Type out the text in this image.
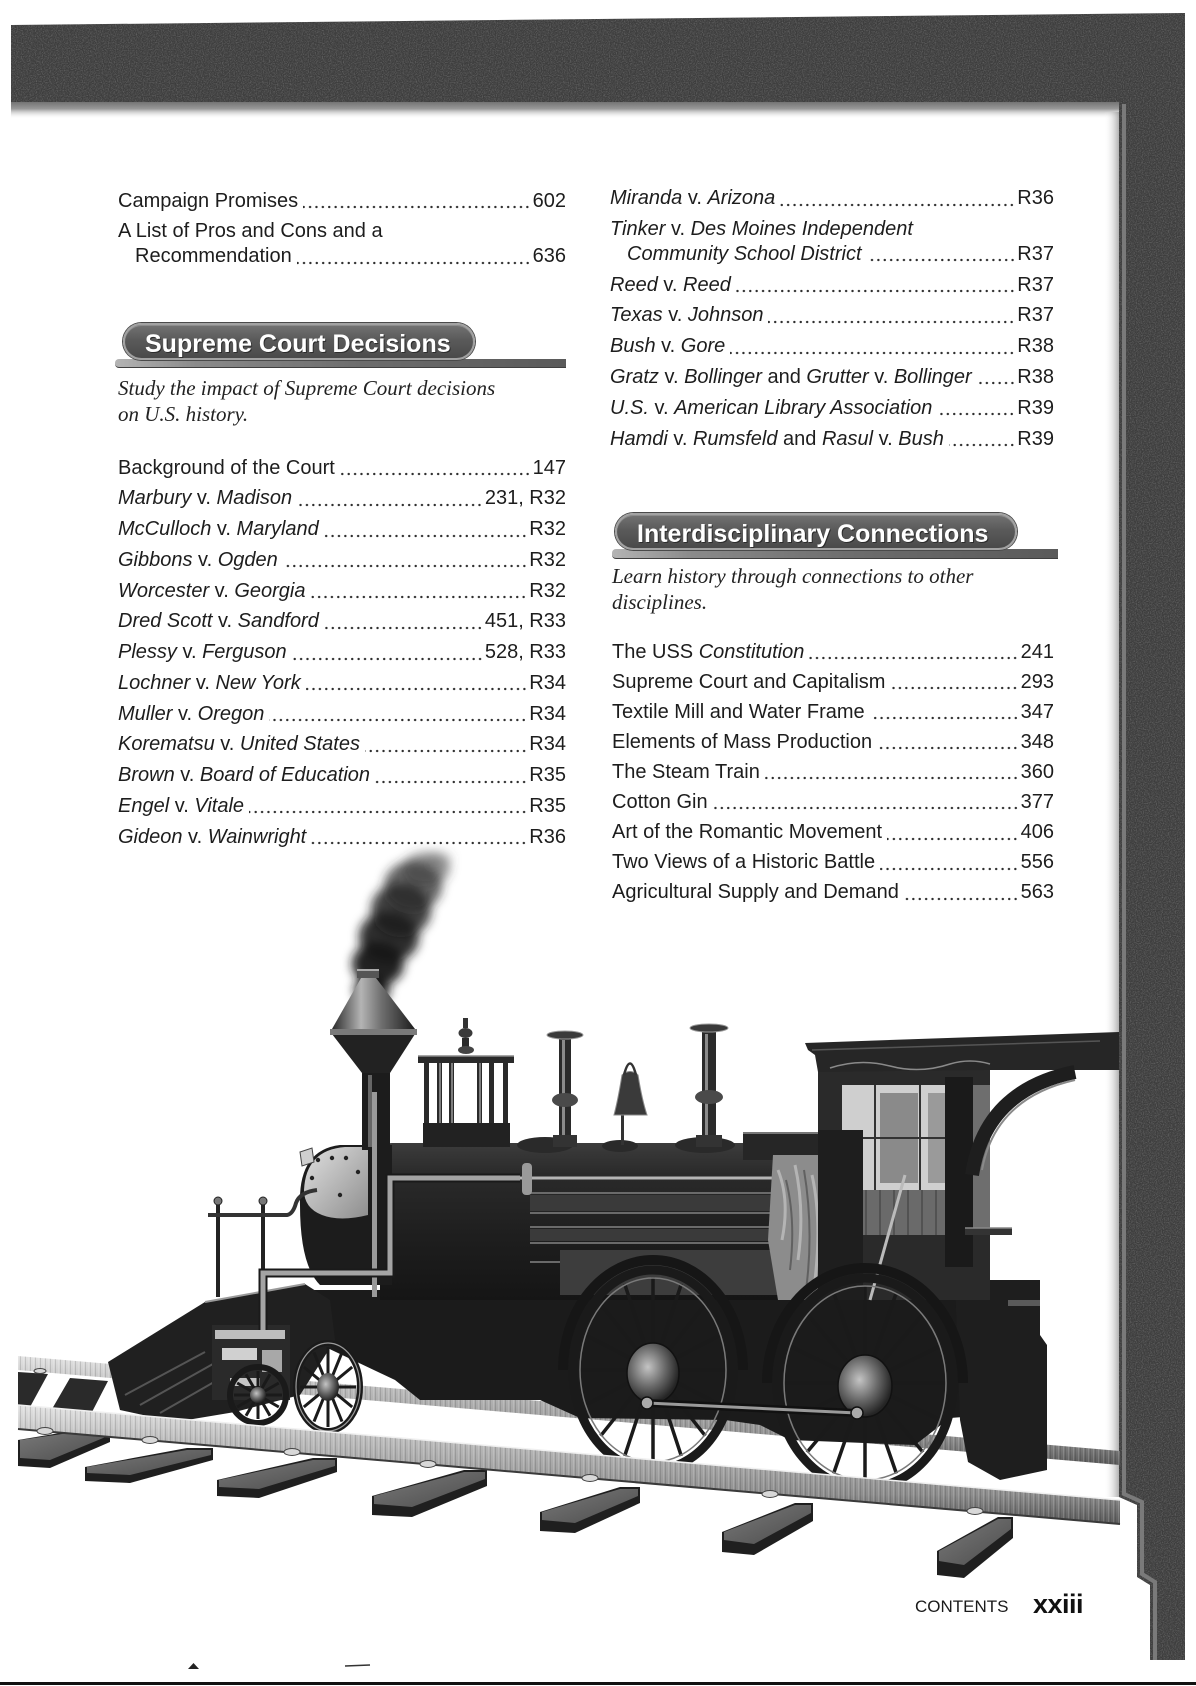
Campaign Promises	602
A List of Pros and Cons and a
Recommendation	636
Supreme Court Decisions
Study the impact of Supreme Court decisions on U.S. history.
Background of the Court	147
Marbury v. Madison	231, R32
McCulloch v. Maryland	R32
Gibbons v. Ogden	R32
Worcester v. Georgia	R32
Dred Scott v. Sandford	451, R33
Plessy v. Ferguson	528, R33
Lochner v. New York	R34
Muller v. Oregon	R34
Korematsu v. United States	R34
Brown v. Board of Education	R35
Engel v. Vitale	R35
Gideon v. Wainwright	R36
Miranda v. Arizona	R36
Tinker v. Des Moines Independent
Community School District	R37
Reed v. Reed	R37
Texas v. Johnson	R37
Bush v. Gore	R38
Gratz v. Bollinger and Grutter v. Bollinger R38
U.S. v. American Library Association	R39
Hamdi v. Rumsfeld and Rasul v. Bush	R39
Interdisciplinary Connections
Learn history through connections to other disciplines.
The USS Constitution	241
Supreme Court and Capitalism	293
Textile Mill and Water Frame	347
Elements of Mass Production	348
The Steam Train	360
Cotton Gin	377
Art of the Romantic Movement	406
Two Views of a Historic Battle	556
Agricultural Supply and Demand	563
CONTENTS xxiii
